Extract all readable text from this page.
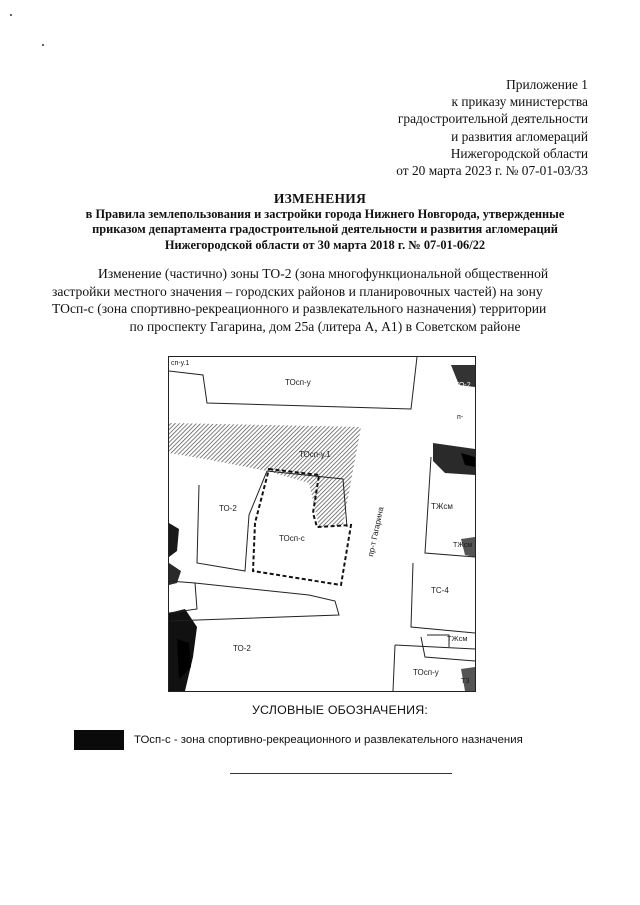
Приложение 1
к приказу министерства
градостроительной деятельности
и развития агломераций
Нижегородской области
от 20 марта 2023 г. № 07-01-03/33
ИЗМЕНЕНИЯ
в Правила землепользования и застройки города Нижнего Новгорода, утвержденные
приказом департамента градостроительной деятельности и развития агломераций
Нижегородской области от 30 марта 2018 г. № 07-01-06/22
Изменение (частично) зоны ТО-2 (зона многофункциональной общественной
застройки местного значения – городских районов и планировочных частей) на зону
ТОсп-с (зона спортивно-рекреационного и развлекательного назначения) территории
по проспекту Гагарина, дом 25а (литера А, А1) в Советском районе
ТОсп-у
ТОсп-у.1
ТО-2
ТОсп-с	пр-т Гагарина	ТЖсм
ТЖсм
ТС-4
ТЖсм
ТО-2
ТОсп-у
сп-у.1
ТО-2
п-
ТЗ
УСЛОВНЫЕ ОБОЗНАЧЕНИЯ:
ТОсп-с - зона спортивно-рекреационного и развлекательного назначения
